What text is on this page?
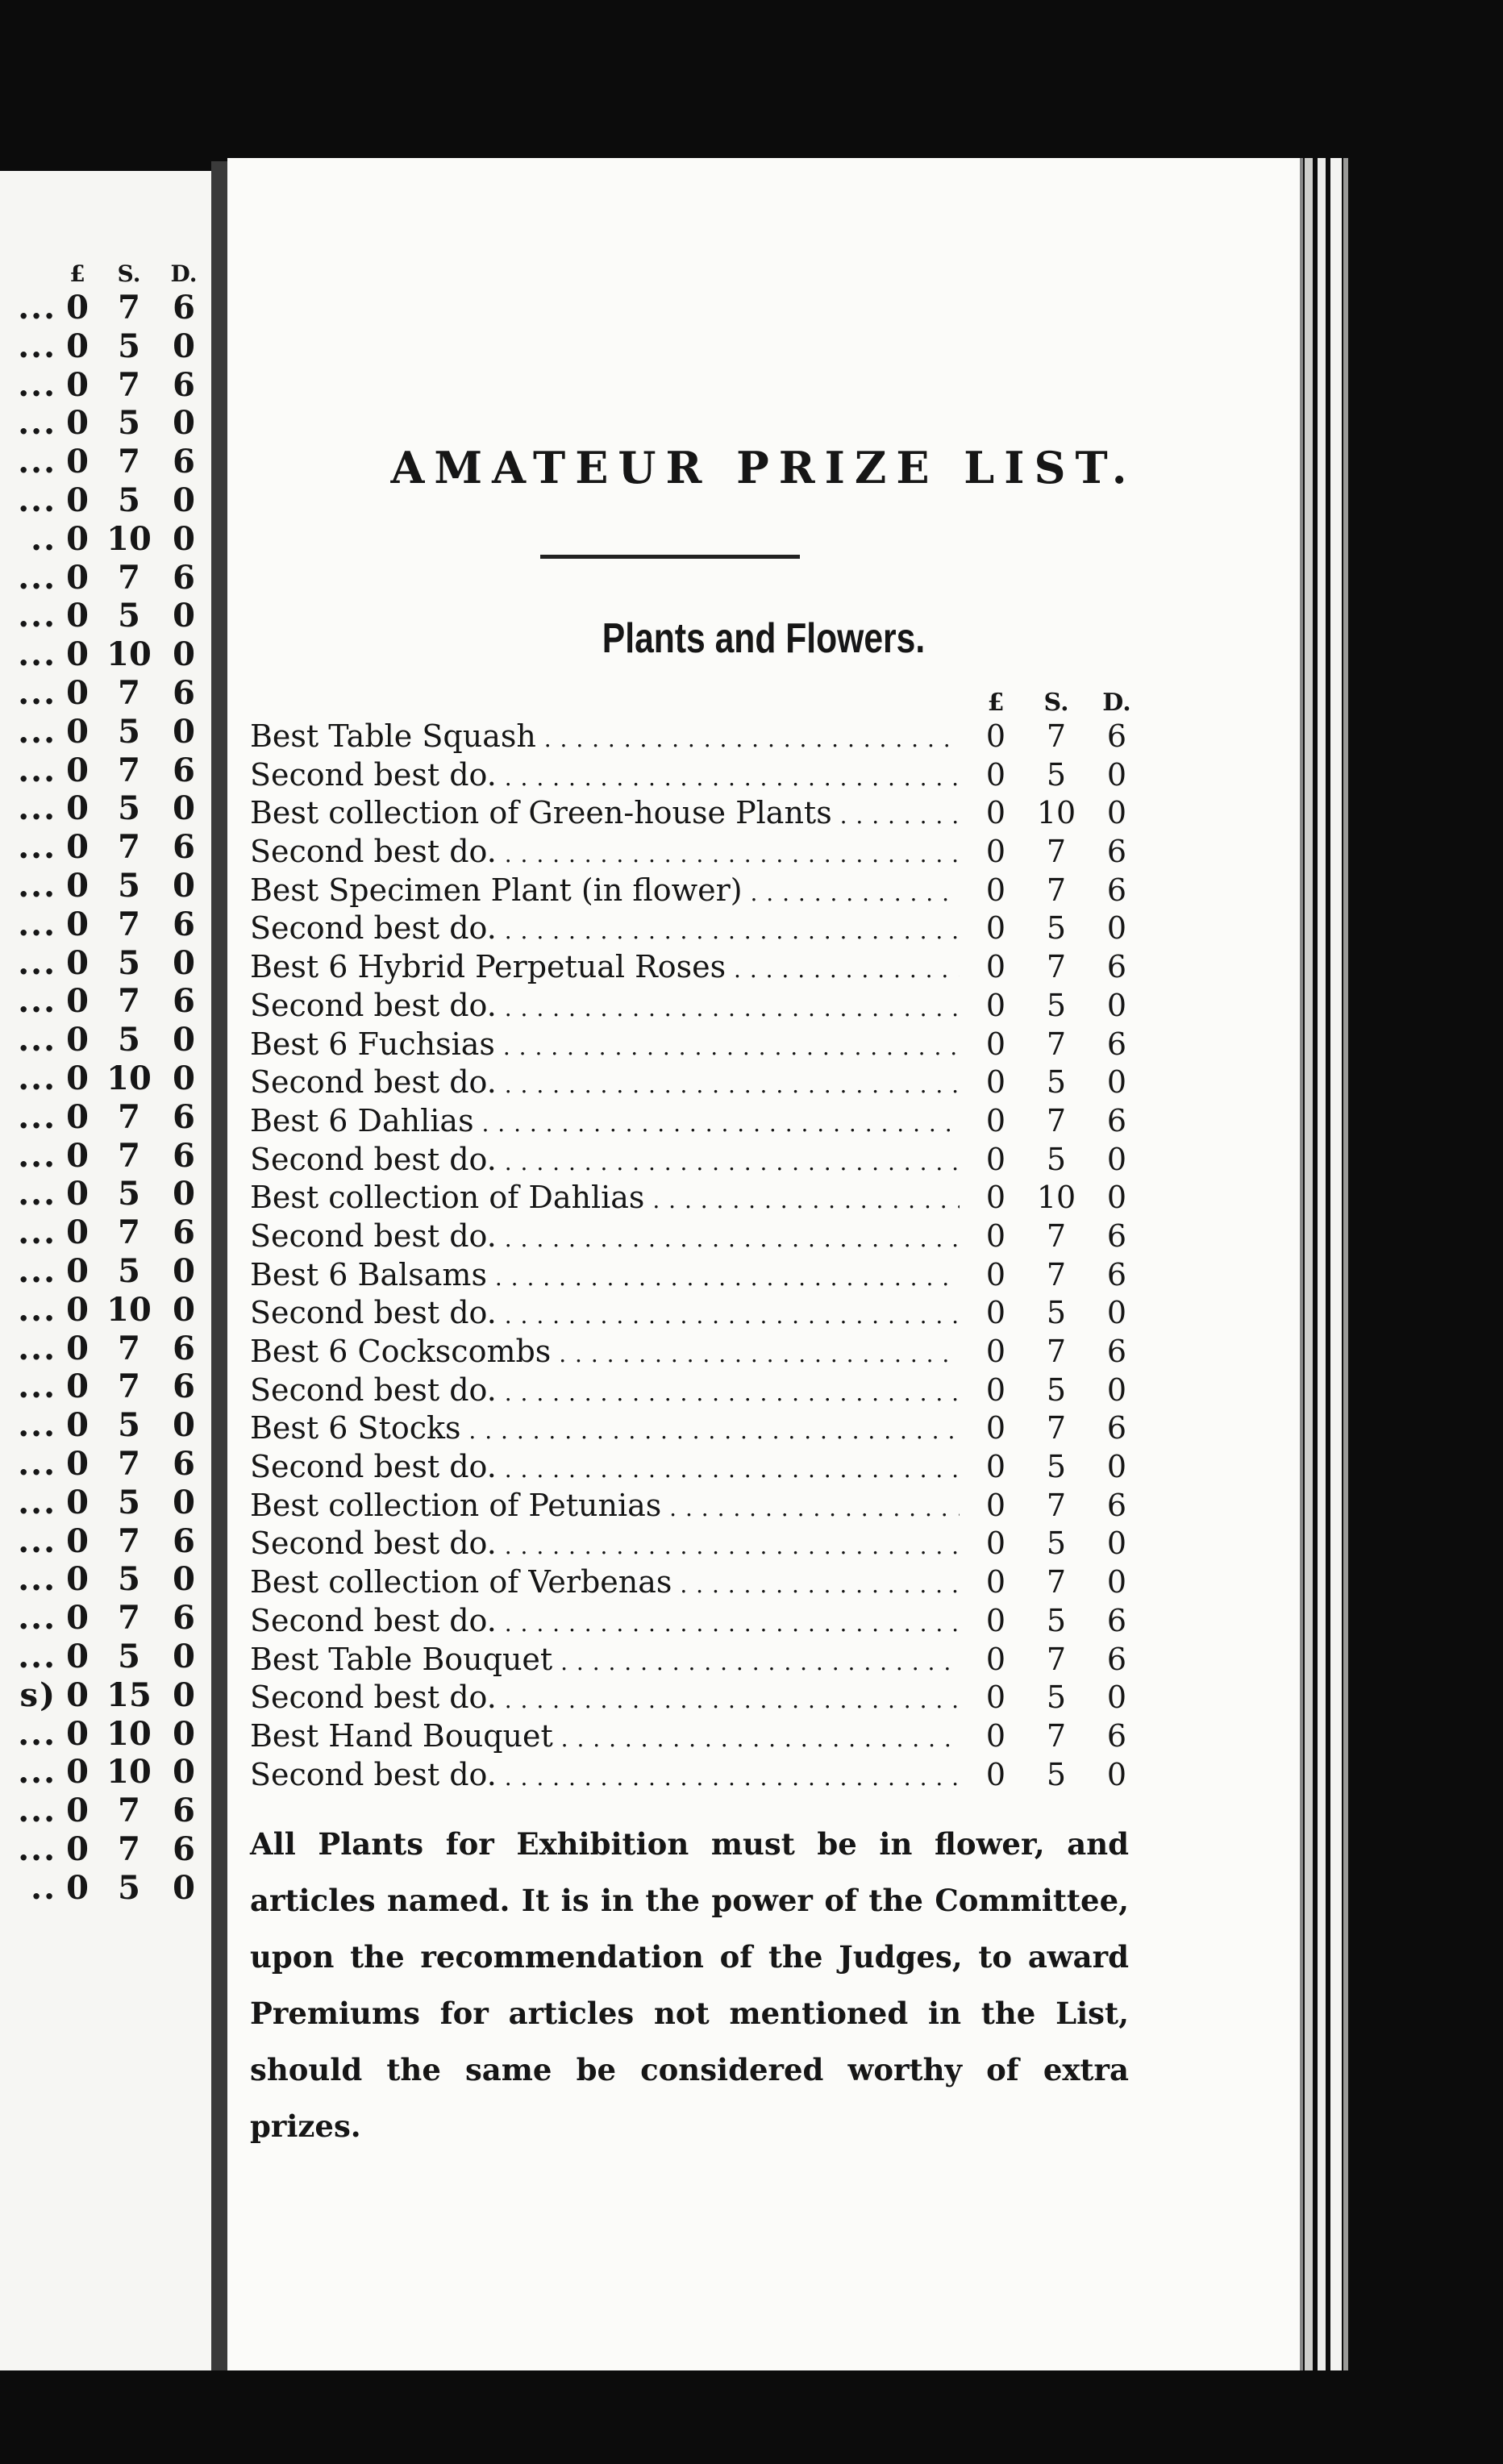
£	S.	D.
... 0 7	6
... 0 5	0
... 0 7	6
... 0 5	0
... 0 7	6
... 0 5	0
.. 0 10 0
... 0 7	6
... 0 5	0
... 0 10 0
... 0 7	6
... 0 5	0
... 0 7	6
... 0 5	0
... 0 7	6
... 0 5	0
... 0 7	6
... 0 5	0
... 0 7	6
... 0 5	0
... 0 10 0
... 0 7	6
... 0 7	6
... 0 5	0
... 0 7	6
... 0 5	0
... 0 10 0
... 0 7	6
... 0 7	6
... 0 5	0
... 0 7	6
... 0 5	0
... 0 7	6
... 0 5	0
... 0 7	6
... 0 5	0
s) 0 15 0
... 0 10 0
... 0 10 0
... 0 7	6
... 0 7	6
.. 0 5	0
AMATEUR PRIZE LIST.
Plants and Flowers.
£	S.	D.
Best Table Squash . . .	0	7	6
Second best do. . . .	0	5	0
Best collection of Green-house Plants . . .	0	10	0
Second best do. . . .	0	7	6
Best Specimen Plant (in flower) . . .	0	7	6
Second best do. . . .	0	5	0
Best 6 Hybrid Perpetual Roses . . .	0	7	6
Second best do. . . .	0	5	0
Best 6 Fuchsias . . .	0	7	6
Second best do. . . .	0	5	0
Best 6 Dahlias . . .	0	7	6
Second best do. . . .	0	5	0
Best collection of Dahlias . . .	0	10	0
Second best do. . . .	0	7	6
Best 6 Balsams . . .	0	7	6
Second best do. . . .	0	5	0
Best 6 Cockscombs . . .	0	7	6
Second best do. . . .	0	5	0
Best 6 Stocks . . .	0	7	6
Second best do. . . .	0	5	0
Best collection of Petunias . . .	0	7	6
Second best do. . . .	0	5	0
Best collection of Verbenas . . .	0	7	0
Second best do. . . .	0	5	6
Best Table Bouquet . . .	0	7	6
Second best do. . . .	0	5	0
Best Hand Bouquet . . .	0	7	6
Second best do. . . .	0	5	0

All Plants for Exhibition must be in flower, and articles named. It is in the power of the Committee, upon the recommendation of the Judges, to award Premiums for articles not mentioned in the List, should the same be considered worthy of extra prizes.
